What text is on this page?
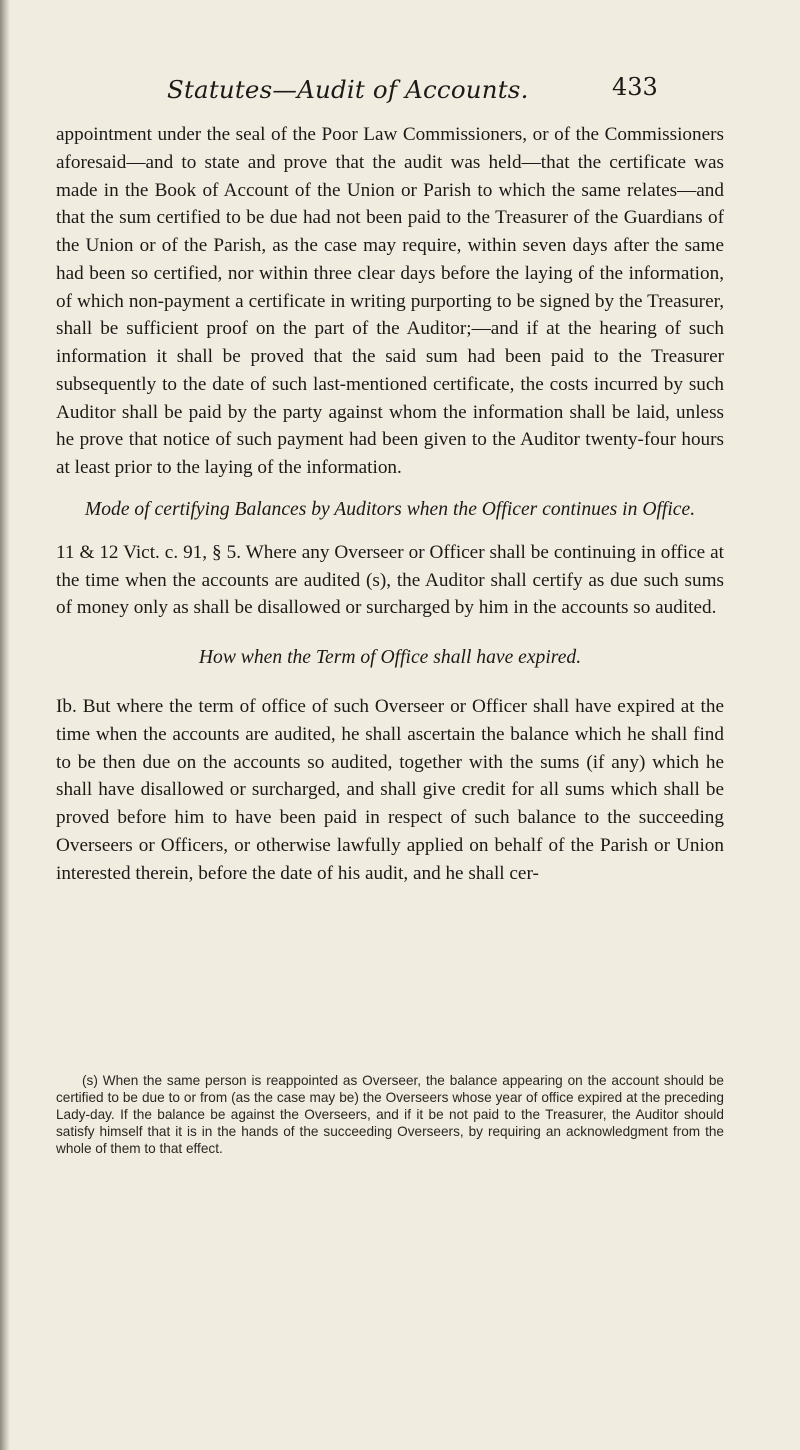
Statutes—Audit of Accounts.	433

appointment under the seal of the Poor Law Commissioners, or of the Commissioners aforesaid—and to state and prove that the audit was held—that the certificate was made in the Book of Account of the Union or Parish to which the same relates—and that the sum certified to be due had not been paid to the Treasurer of the Guardians of the Union or of the Parish, as the case may require, within seven days after the same had been so certified, nor within three clear days before the laying of the information, of which non-payment a certificate in writing purporting to be signed by the Treasurer, shall be sufficient proof on the part of the Auditor;—and if at the hearing of such information it shall be proved that the said sum had been paid to the Treasurer subsequently to the date of such last-mentioned certificate, the costs incurred by such Auditor shall be paid by the party against whom the information shall be laid, unless he prove that notice of such payment had been given to the Auditor twenty-four hours at least prior to the laying of the information.

Mode of certifying Balances by Auditors when the Officer continues in Office.

11 & 12 Vict. c. 91, § 5. Where any Overseer or Officer shall be continuing in office at the time when the accounts are audited (s), the Auditor shall certify as due such sums of money only as shall be disallowed or surcharged by him in the accounts so audited.

How when the Term of Office shall have expired.

Ib. But where the term of office of such Overseer or Officer shall have expired at the time when the accounts are audited, he shall ascertain the balance which he shall find to be then due on the accounts so audited, together with the sums (if any) which he shall have disallowed or surcharged, and shall give credit for all sums which shall be proved before him to have been paid in respect of such balance to the succeeding Overseers or Officers, or otherwise lawfully applied on behalf of the Parish or Union interested therein, before the date of his audit, and he shall cer-

(s) When the same person is reappointed as Overseer, the balance appearing on the account should be certified to be due to or from (as the case may be) the Overseers whose year of office expired at the preceding Lady-day. If the balance be against the Overseers, and if it be not paid to the Treasurer, the Auditor should satisfy himself that it is in the hands of the succeeding Overseers, by requiring an acknowledgment from the whole of them to that effect.
